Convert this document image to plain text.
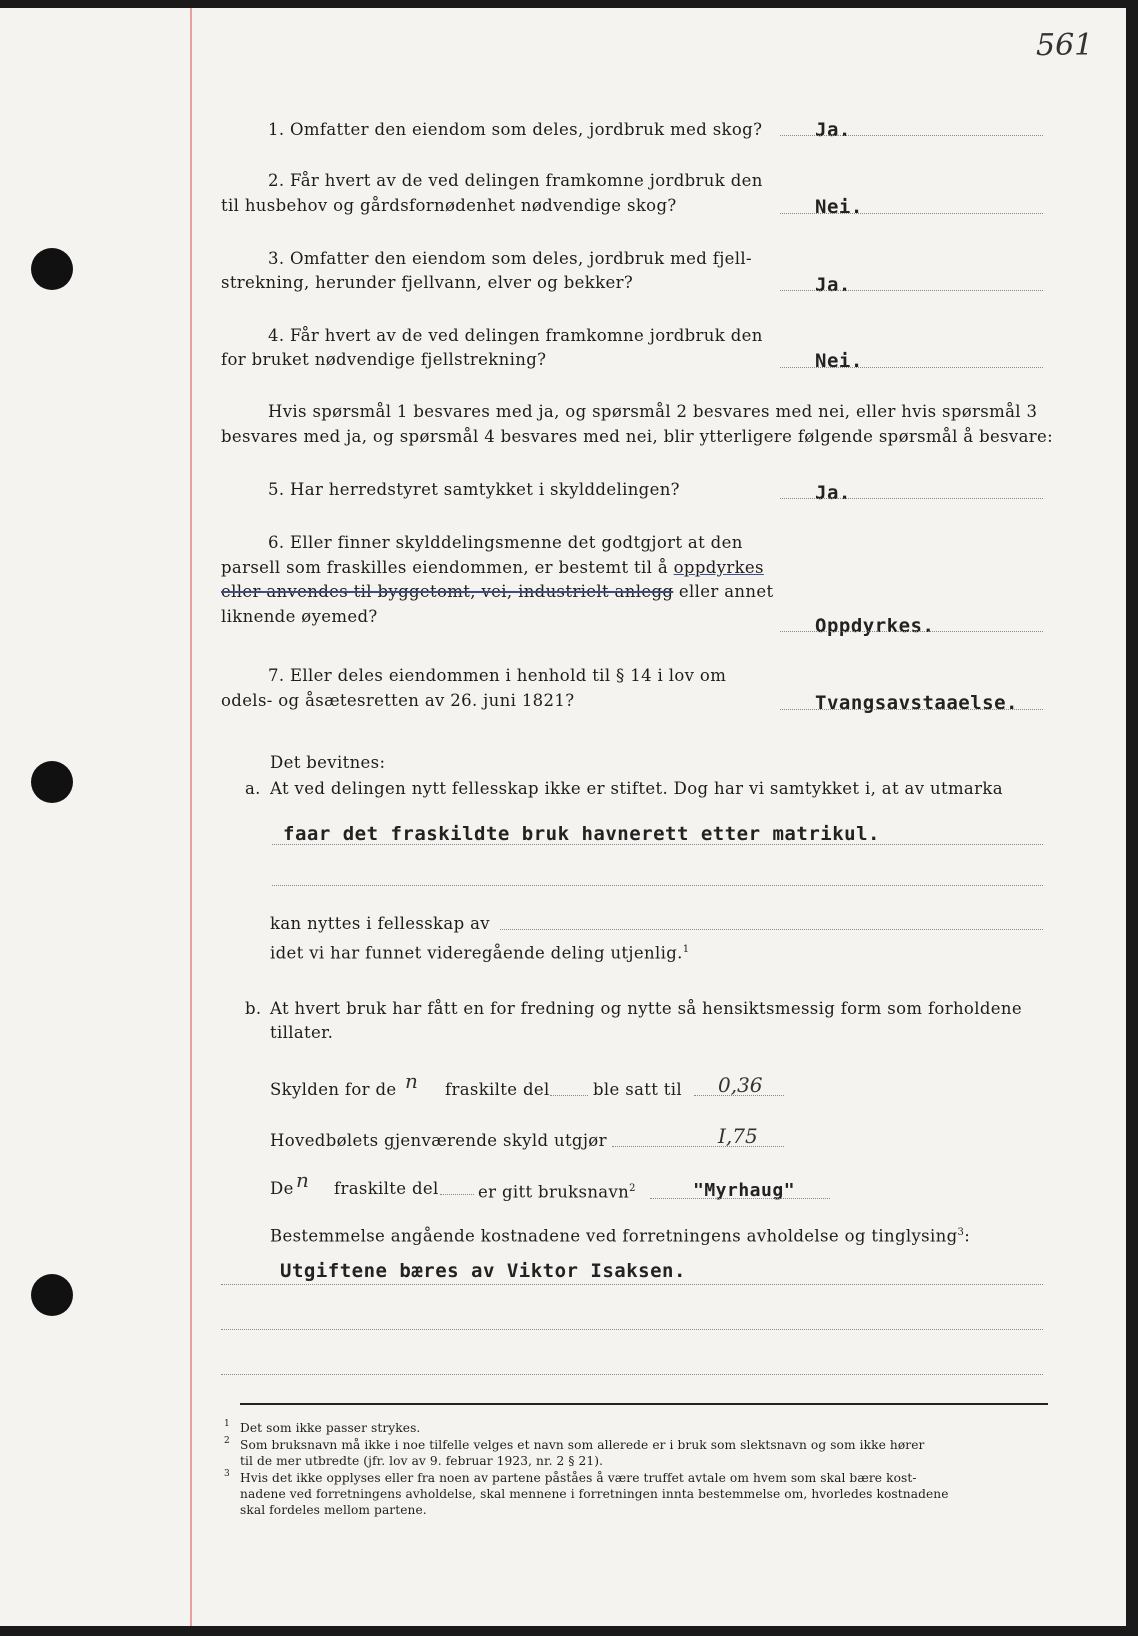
561
1. Omfatter den eiendom som deles, jordbruk med skog?	Ja.
2. Får hvert av de ved delingen framkomne jordbruk den
til husbehov og gårdsfornødenhet nødvendige skog?	Nei.
3. Omfatter den eiendom som deles, jordbruk med fjell-
strekning, herunder fjellvann, elver og bekker?	Ja.
4. Får hvert av de ved delingen framkomne jordbruk den
for bruket nødvendige fjellstrekning?	Nei.
Hvis spørsmål 1 besvares med ja, og spørsmål 2 besvares med nei, eller hvis spørsmål 3
besvares med ja, og spørsmål 4 besvares med nei, blir ytterligere følgende spørsmål å besvare:
5. Har herredstyret samtykket i skylddelingen?	Ja.
6. Eller finner skylddelingsmenne det godtgjort at den
parsell som fraskilles eiendommen, er bestemt til å oppdyrkes
eller anvendes til byggetomt, vei, industrielt anlegg eller annet
liknende øyemed?	Oppdyrkes.
7. Eller deles eiendommen i henhold til § 14 i lov om
odels- og åsætesretten av 26. juni 1821?	Tvangsavstaaelse.
Det bevitnes:
a. At ved delingen nytt fellesskap ikke er stiftet. Dog har vi samtykket i, at av utmarka
faar det fraskildte bruk havnerett etter matrikul.
kan nyttes i fellesskap av
idet vi har funnet videregående deling utjenlig.$^1$
b. At hvert bruk har fått en for fredning og nytte så hensiktsmessig form som forholdene
tillater.
Skylden for de n fraskilte del	ble satt til 0,36
Hovedbølets gjenværende skyld utgjør	I,75
De n fraskilte del er gitt bruksnavn$^2$	"Myrhaug"
Bestemmelse angående kostnadene ved forretningens avholdelse og tinglysing$^3$:
Utgiftene bæres av Viktor Isaksen.
1 Det som ikke passer strykes.
2 Som bruksnavn må ikke i noe tilfelle velges et navn som allerede er i bruk som slektsnavn og som ikke hører
til de mer utbredte (jfr. lov av 9. februar 1923, nr. 2 § 21).
3 Hvis det ikke opplyses eller fra noen av partene påståes å være truffet avtale om hvem som skal bære kost-
nadene ved forretningens avholdelse, skal mennene i forretningen innta bestemmelse om, hvorledes kostnadene
skal fordeles mellom partene.
